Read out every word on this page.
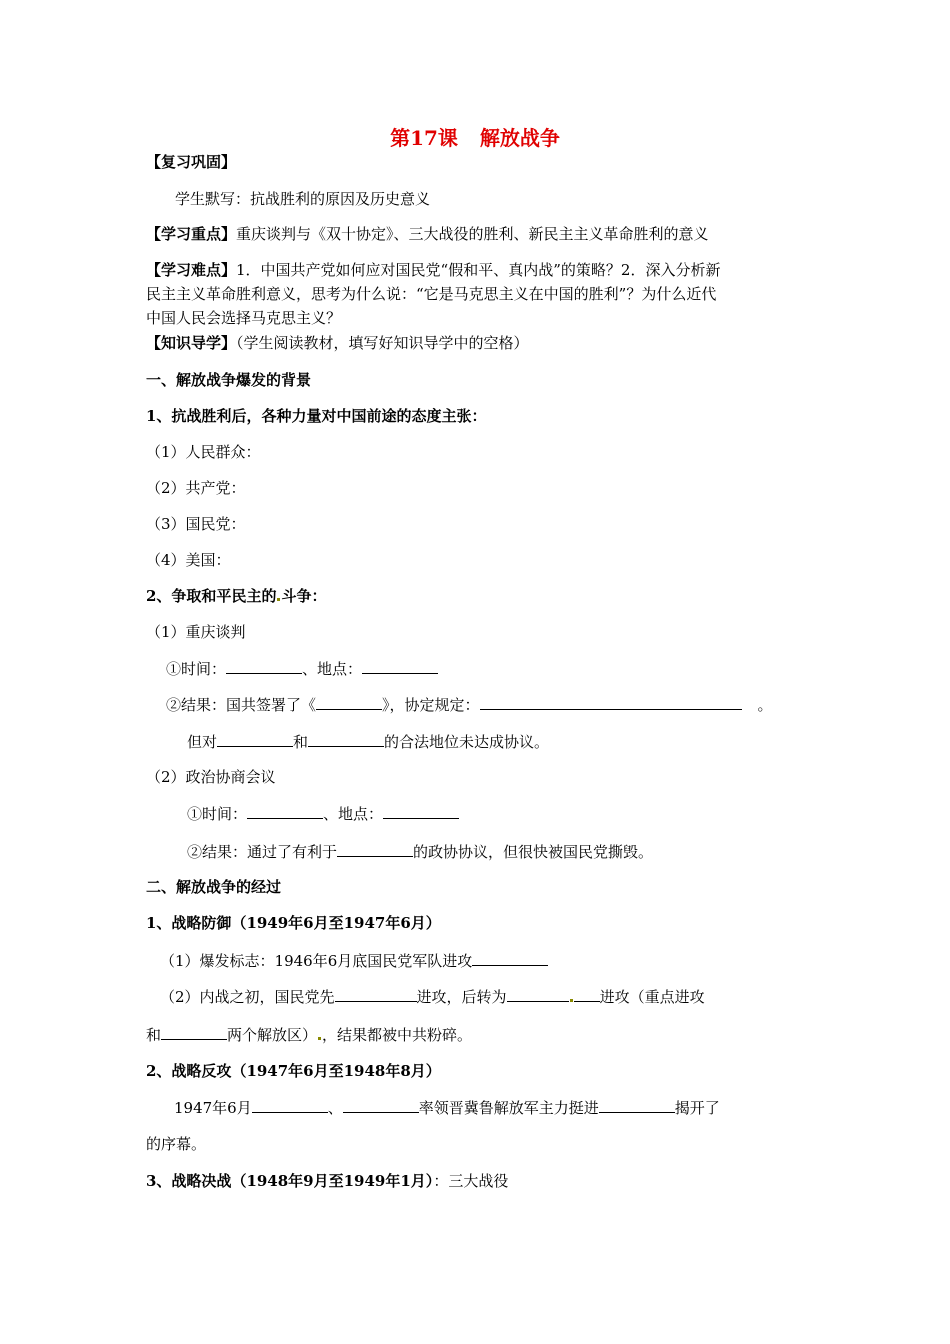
第17课 解放战争
【复习巩固】
学生默写：抗战胜利的原因及历史意义
【学习重点】重庆谈判与《双十协定》、三大战役的胜利、新民主主义革命胜利的意义
【学习难点】1．中国共产党如何应对国民党“假和平、真内战”的策略？2．深入分析新
民主主义革命胜利意义，思考为什么说：“它是马克思主义在中国的胜利”？为什么近代
中国人民会选择马克思主义？
【知识导学】（学生阅读教材，填写好知识导学中的空格）
一、解放战争爆发的背景
1、抗战胜利后，各种力量对中国前途的态度主张：
（1）人民群众：
（2）共产党：
（3）国民党：
（4）美国：
2、争取和平民主的 斗争：
（1）重庆谈判
①时间：	、地点：
②结果：国共签署了《	》，协定规定：	。
但对	和	的合法地位未达成协议。
（2）政治协商会议
①时间：	、地点：
②结果：通过了有利于	的政协协议，但很快被国民党撕毁。
二、解放战争的经过
1、战略防御（1949年6月至1947年6月）
（1）爆发标志：1946年6月底国民党军队进攻
（2）内战之初，国民党先	进攻，后转为	进攻（重点进攻
和	两个解放区） ，结果都被中共粉碎。
2、战略反攻（1947年6月至1948年8月）
1947年6月	、	率领晋冀鲁解放军主力挺进	揭开了
的序幕。
3、战略决战（1948年9月至1949年1月）：三大战役
